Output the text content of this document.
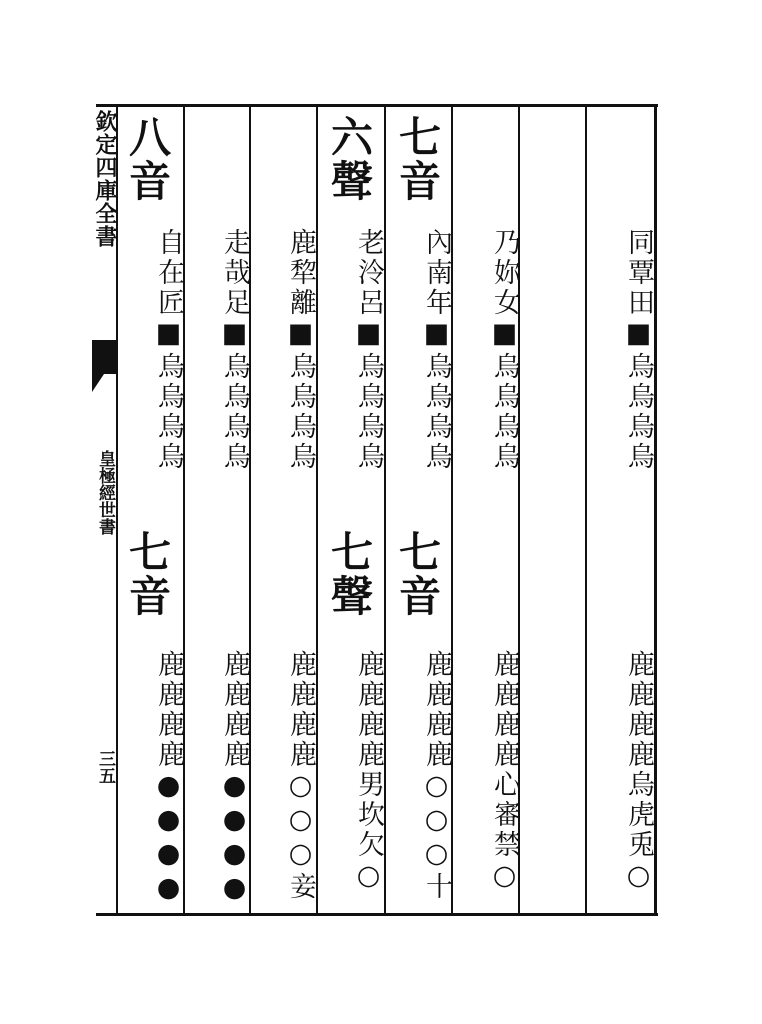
欽定四庫全書
皇極經世書
三五
八音
自在匠■烏烏烏烏
走哉足■烏烏烏烏
鹿犂離■烏烏烏烏
六聲
老泠呂■烏烏烏烏
七音
內南年■烏烏烏烏
乃妳女■烏烏烏烏
同覃田■烏烏烏烏
七音
鹿鹿鹿鹿●●●●
鹿鹿鹿鹿●●●●
鹿鹿鹿鹿○○○妾
七聲
鹿鹿鹿鹿男坎欠○
七音
鹿鹿鹿鹿○○○十
鹿鹿鹿鹿心審禁○
鹿鹿鹿鹿烏虎兎○
